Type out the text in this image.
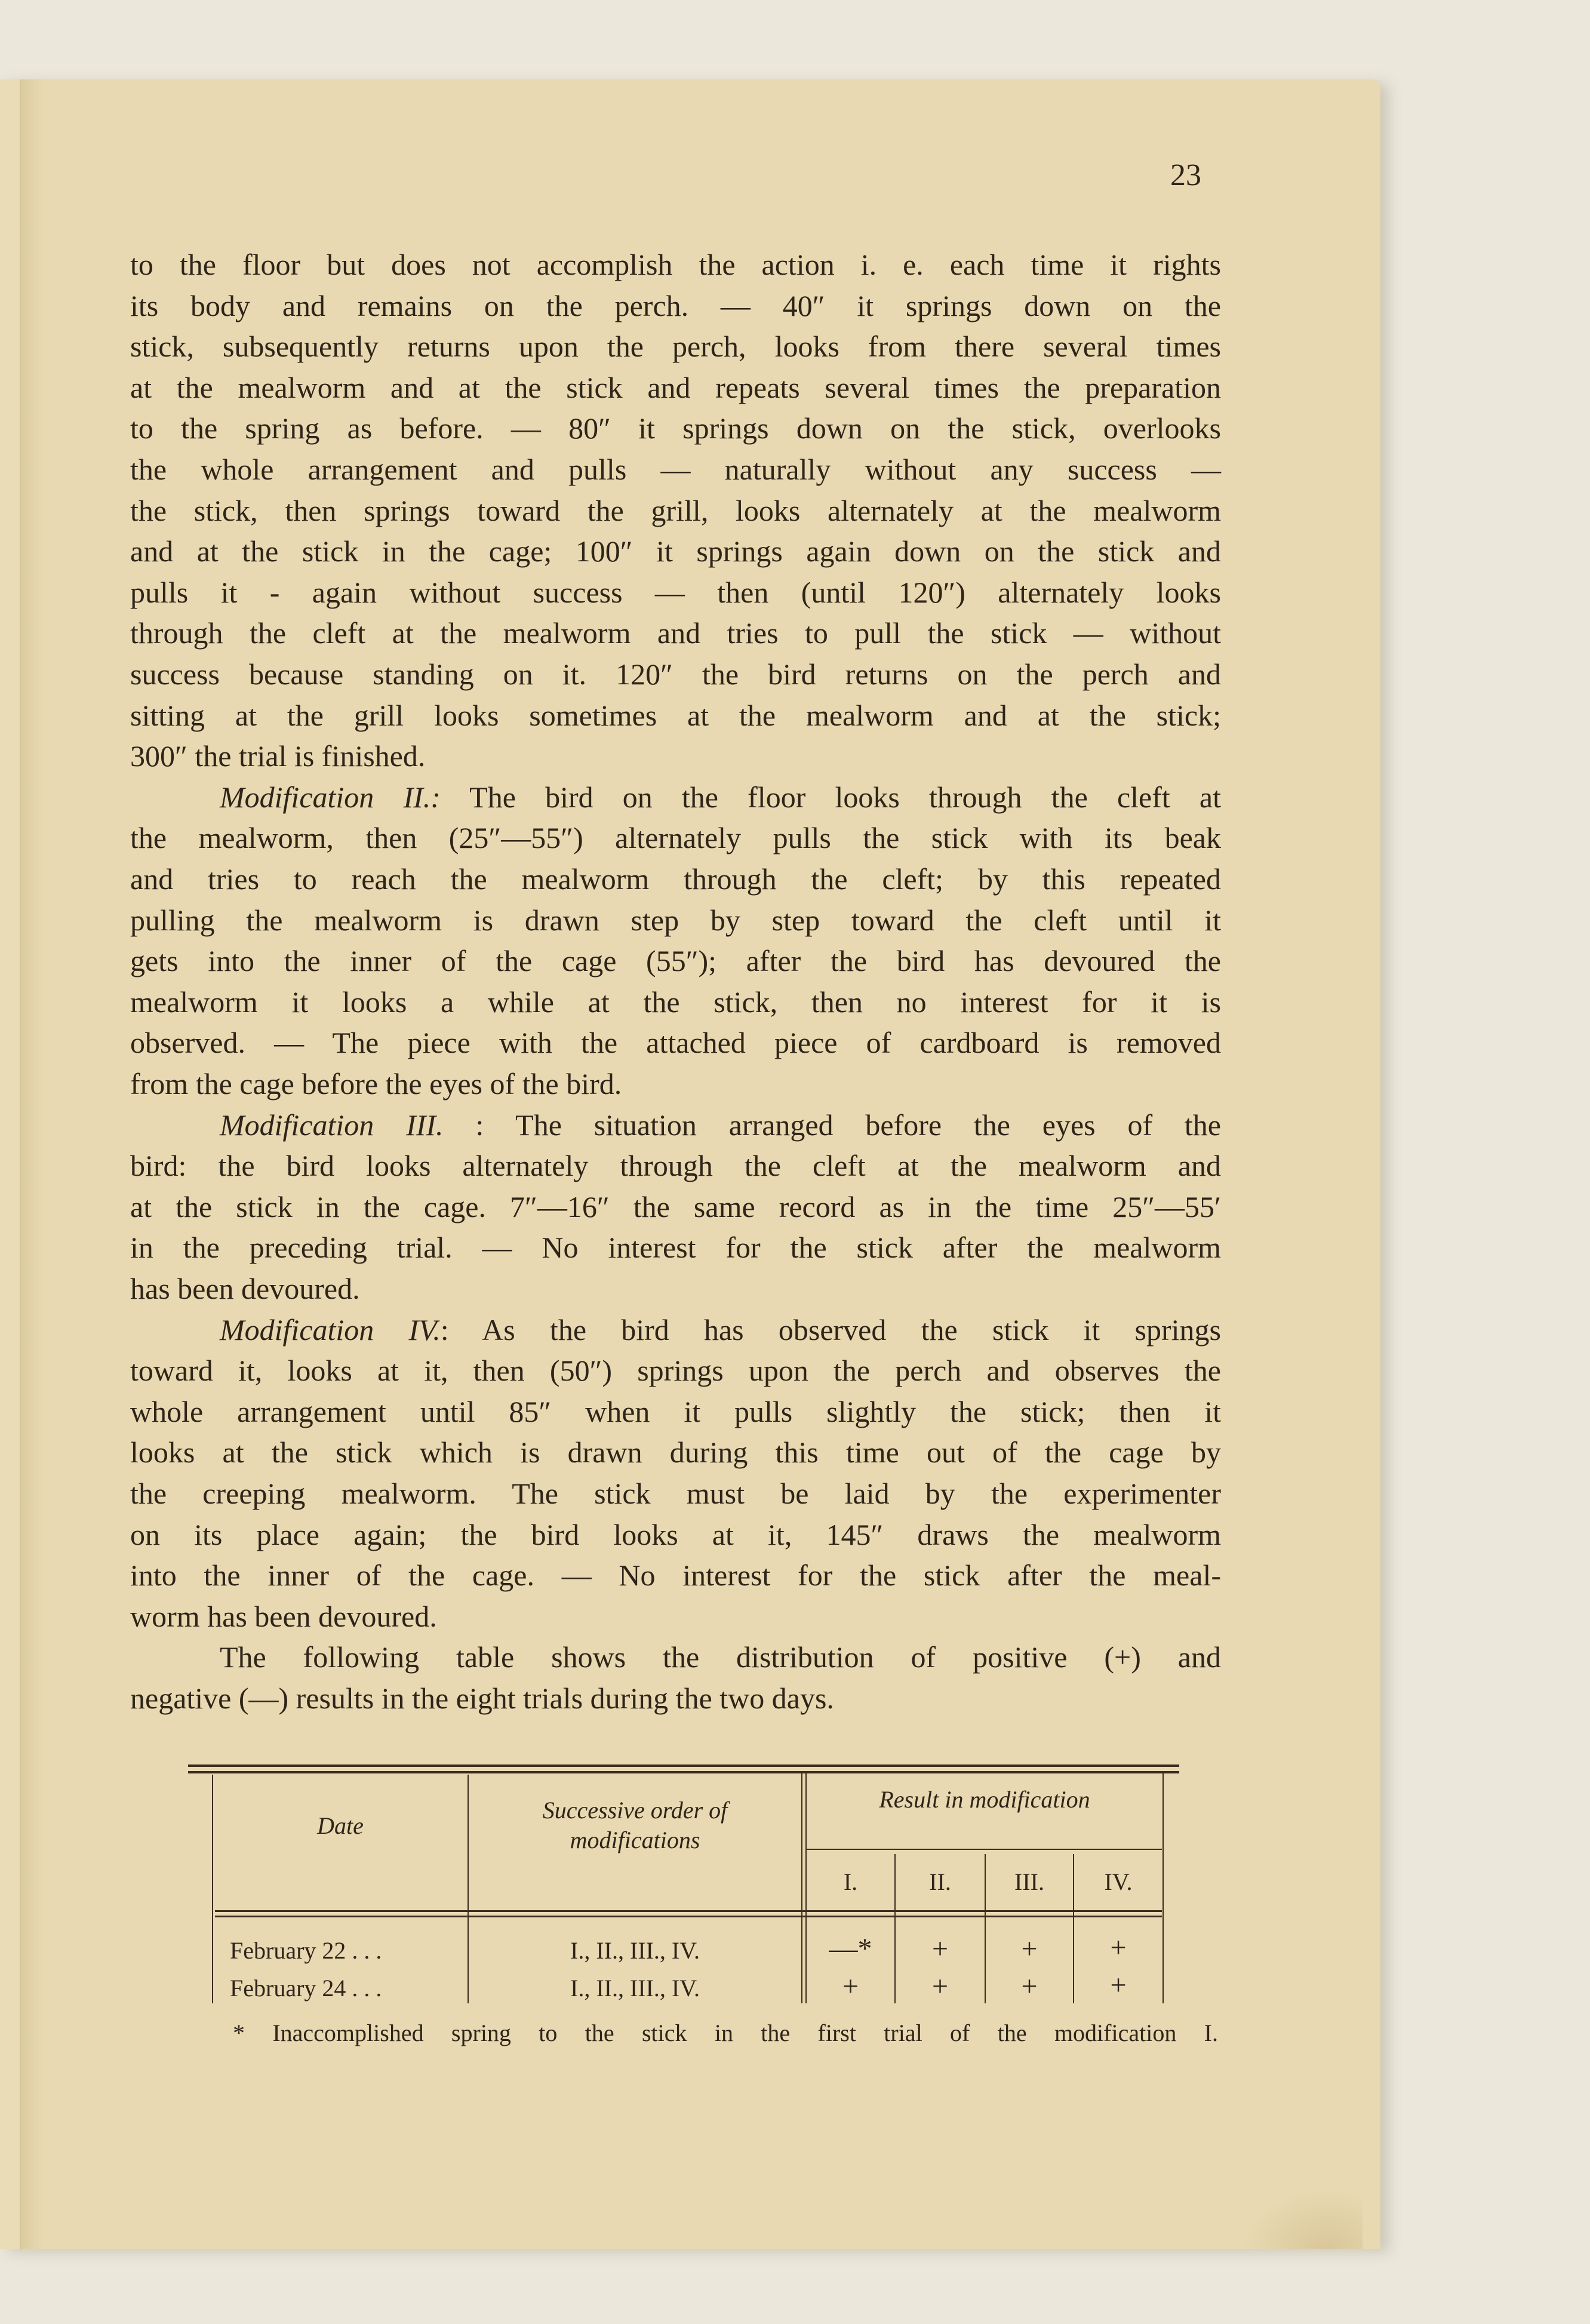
23
to the floor but does not accomplish the action i. e. each time it rights
its body and remains on the perch. — 40″ it springs down on the
stick, subsequently returns upon the perch, looks from there several times
at the mealworm and at the stick and repeats several times the preparation
to the spring as before. — 80″ it springs down on the stick, overlooks
the whole arrangement and pulls — naturally without any success —
the stick, then springs toward the grill, looks alternately at the mealworm
and at the stick in the cage; 100″ it springs again down on the stick and
pulls it - again without success — then (until 120″) alternately looks
through the cleft at the mealworm and tries to pull the stick — without
success because standing on it. 120″ the bird returns on the perch and
sitting at the grill looks sometimes at the mealworm and at the stick;
300″ the trial is finished.
Modification II.: The bird on the floor looks through the cleft at
the mealworm, then (25″—55″) alternately pulls the stick with its beak
and tries to reach the mealworm through the cleft; by this repeated
pulling the mealworm is drawn step by step toward the cleft until it
gets into the inner of the cage (55″); after the bird has devoured the
mealworm it looks a while at the stick, then no interest for it is
observed. — The piece with the attached piece of cardboard is removed
from the cage before the eyes of the bird.
Modification III. : The situation arranged before the eyes of the
bird: the bird looks alternately through the cleft at the mealworm and
at the stick in the cage. 7″—16″ the same record as in the time 25″—55′
in the preceding trial. — No interest for the stick after the mealworm
has been devoured.
Modification IV.: As the bird has observed the stick it springs
toward it, looks at it, then (50″) springs upon the perch and observes the
whole arrangement until 85″ when it pulls slightly the stick; then it
looks at the stick which is drawn during this time out of the cage by
the creeping mealworm. The stick must be laid by the experimenter
on its place again; the bird looks at it, 145″ draws the mealworm
into the inner of the cage. — No interest for the stick after the meal-
worm has been devoured.
The following table shows the distribution of positive (+) and
negative (—) results in the eight trials during the two days.
Date
Successive order of
modifications
Result in modification
I.	II.	III.	IV.
February 22 . . .	I., II., III., IV.	—*	+	+	+
February 24 . . .	I., II., III., IV.	+	+	+	+
* Inaccomplished spring to the stick in the first trial of the modification I.
